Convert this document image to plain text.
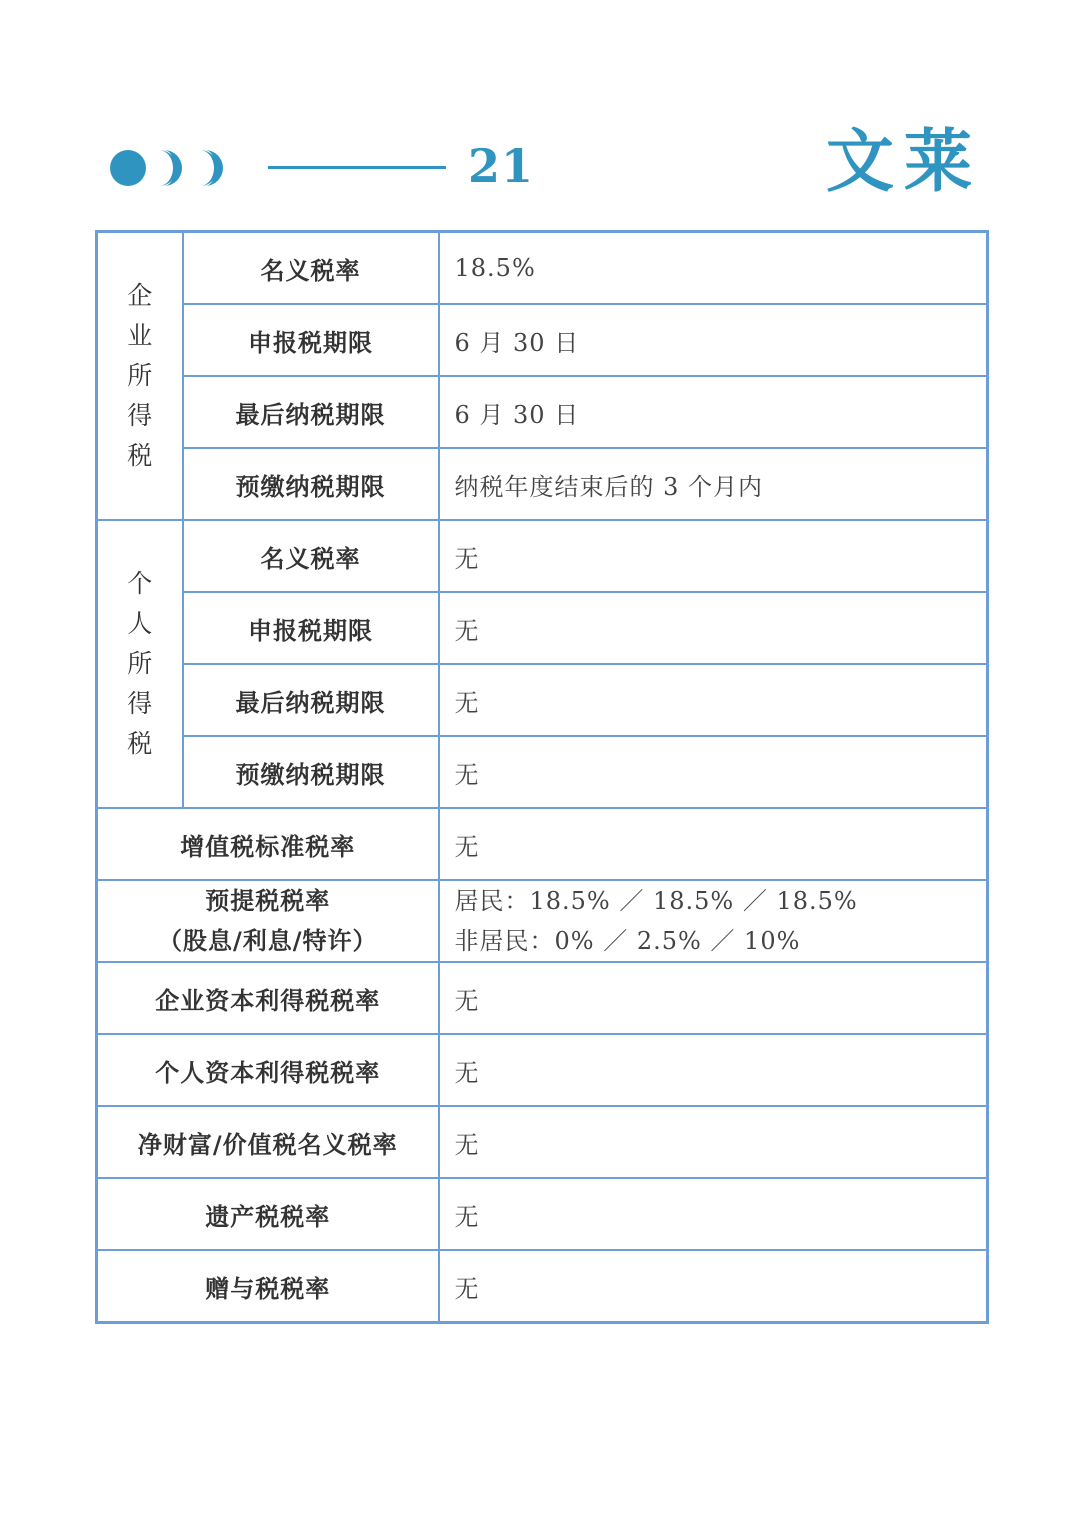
21	文莱
企业所得税	名义税率	18.5%
	申报税期限	6 月 30 日
	最后纳税期限	6 月 30 日
	预缴纳税期限	纳税年度结束后的 3 个月内
个人所得税	名义税率	无
	申报税期限	无
	最后纳税期限	无
	预缴纳税期限	无
增值税标准税率		无

预提税税率
（股息/利息/特许）		居民：18.5% ／ 18.5% ／ 18.5%
非居民：0% ／ 2.5% ／ 10%

企业资本利得税税率		无
个人资本利得税税率		无
净财富/价值税名义税率		无
遗产税税率		无
赠与税税率		无
